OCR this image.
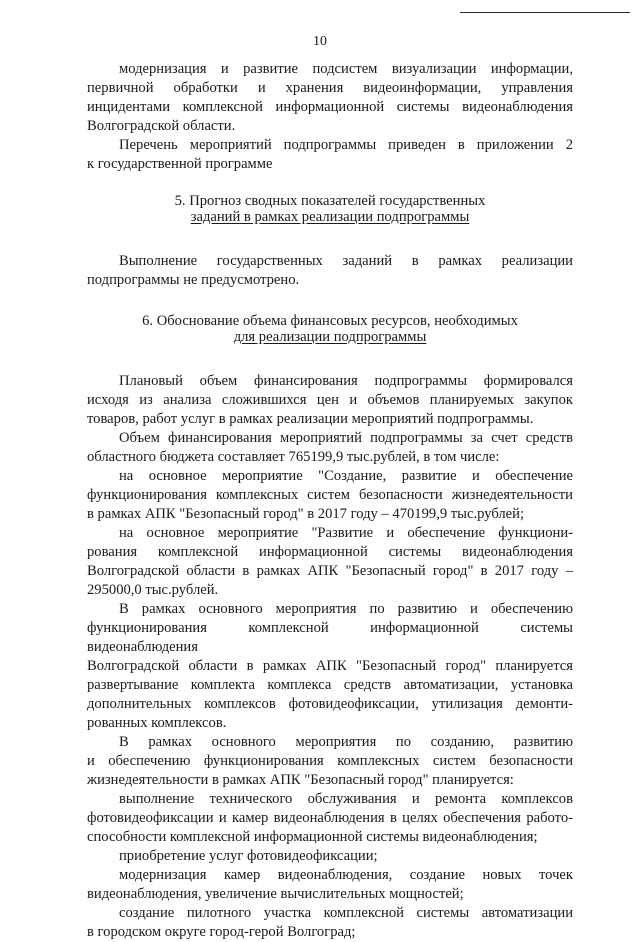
10

модернизация и развитие подсистем визуализации информации,

первичной обработки и хранения видеоинформации, управления

инцидентами комплексной информационной системы видеонаблюдения

Волгоградской области.

Перечень мероприятий подпрограммы приведен в приложении 2

к государственной программе

5. Прогноз сводных показателей государственных

заданий в рамках реализации подпрограммы

Выполнение государственных заданий в рамках реализации

подпрограммы не предусмотрено.

6. Обоснование объема финансовых ресурсов, необходимых

для реализации подпрограммы

Плановый объем финансирования подпрограммы формировался

исходя из анализа сложившихся цен и объемов планируемых закупок

товаров, работ услуг в рамках реализации мероприятий подпрограммы.

Объем финансирования мероприятий подпрограммы за счет средств

областного бюджета составляет 765199,9 тыс.рублей, в том числе:

на основное мероприятие "Создание, развитие и обеспечение

функционирования комплексных систем безопасности жизнедеятельности

в рамках АПК "Безопасный город" в 2017 году – 470199,9 тыс.рублей;

на основное мероприятие "Развитие и обеспечение функциони-

рования комплексной информационной системы видеонаблюдения

Волгоградской области в рамках АПК "Безопасный город" в 2017 году –

295000,0 тыс.рублей.

В рамках основного мероприятия по развитию и обеспечению

функционирования комплексной информационной системы видеонаблюдения

Волгоградской области в рамках АПК "Безопасный город" планируется

развертывание комплекта комплекса средств автоматизации, установка

дополнительных комплексов фотовидеофиксации, утилизация демонти-

рованных комплексов.

В рамках основного мероприятия по созданию, развитию

и обеспечению функционирования комплексных систем безопасности

жизнедеятельности в рамках АПК "Безопасный город" планируется:

выполнение технического обслуживания и ремонта комплексов

фотовидеофиксации и камер видеонаблюдения в целях обеспечения работо-

способности комплексной информационной системы видеонаблюдения;

приобретение услуг фотовидеофиксации;

модернизация камер видеонаблюдения, создание новых точек

видеонаблюдения, увеличение вычислительных мощностей;

создание пилотного участка комплексной системы автоматизации

в городском округе город-герой Волгоград;
